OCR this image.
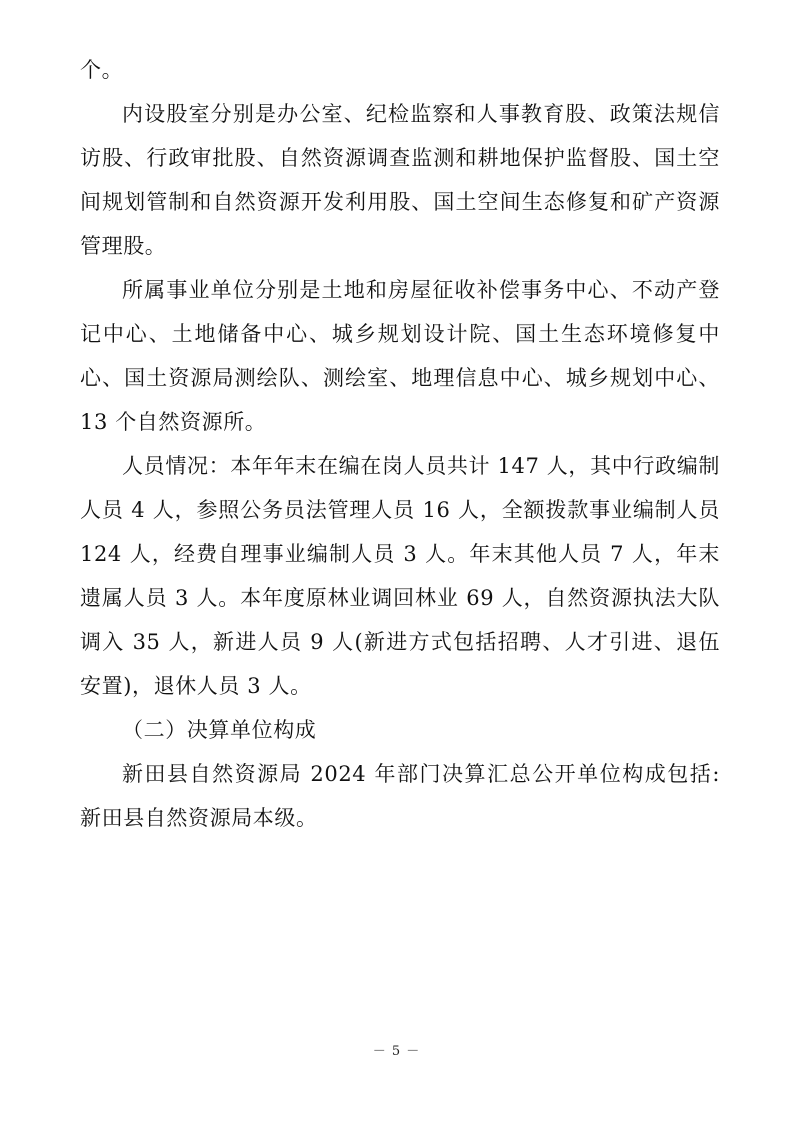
个。

内设股室分别是办公室、纪检监察和人事教育股、政策法规信访股、行政审批股、自然资源调查监测和耕地保护监督股、国土空间规划管制和自然资源开发利用股、国土空间生态修复和矿产资源管理股。

所属事业单位分别是土地和房屋征收补偿事务中心、不动产登记中心、土地储备中心、城乡规划设计院、国土生态环境修复中心、国土资源局测绘队、测绘室、地理信息中心、城乡规划中心、13 个自然资源所。

人员情况：本年年末在编在岗人员共计 147 人，其中行政编制人员 4 人，参照公务员法管理人员 16 人，全额拨款事业编制人员 124 人，经费自理事业编制人员 3 人。年末其他人员 7 人，年末遗属人员 3 人。本年度原林业调回林业 69 人，自然资源执法大队调入 35 人，新进人员 9 人(新进方式包括招聘、人才引进、退伍安置)，退休人员 3 人。

（二）决算单位构成

新田县自然资源局 2024 年部门决算汇总公开单位构成包括: 新田县自然资源局本级。

－ 5 －
